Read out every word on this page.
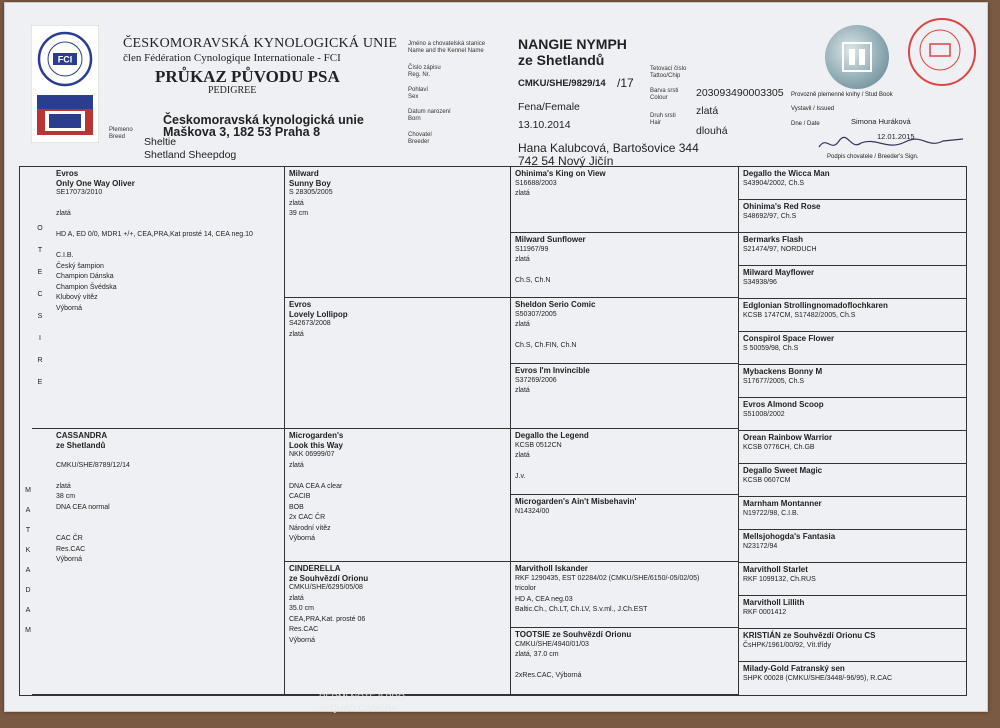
FCI
ČESKOMORAVSKÁ KYNOLOGICKÁ UNIE
člen Fédération Cynologique Internationale - FCI
PRŮKAZ PŮVODU PSA
PEDIGREE
Českomoravská kynologická unie
Maškova 3, 182 53 Praha 8
Plemeno
Breed	Sheltie
Shetland Sheepdog
Jméno a chovatelská stanice
Name and the Kennel Name
Číslo zápisu
Reg. Nr.
Pohlaví
Sex
Datum narození
Born
Chovatel
Breeder
NANGIE NYMPH
ze Shetlandů
CMKU/SHE/9829/14 /17
Fena/Female
13.10.2014
Hana Kalubcová, Bartošovice 344
742 54 Nový Jičín
Tetovací číslo
Tattoo/Chip
Barva srsti
Colour
Druh srsti
Hair
203093490003305
zlatá
dlouhá
Provozně plemenné knihy / Stud Book
Vystavil / Issued
Dne / Date	Simona Huráková
12.01.2015
Podpis chovatele / Breeder's Sign.
O
T
E
C
S
I
R
E
M
A
T
K
A
D
A
M
Evros
Only One Way Oliver
SE17073/2010

zlatá

HD A, ED 0/0, MDR1 +/+, CEA,PRA,Kat prosté 14, CEA neg.10

C.I.B.
Český šampion
Champion Dánska
Champion Švédska
Klubový vítěz
Výborná
CASSANDRA
ze Shetlandů

CMKU/SHE/8789/12/14

zlatá
38 cm
DNA CEA normal

CAC ČR
Res.CAC
Výborná
Milward
Sunny Boy
S 28305/2005
zlatá
39 cm
Evros
Lovely Lollipop
S42673/2008
zlatá
Microgarden's
Look this Way
NKK 06999/07
zlatá

DNA CEA A clear
CACIB
BOB
2x CAC ČR
Národní vítěz
Výborná
CINDERELLA
ze Souhvězdí Orionu
CMKU/SHE/6295/05/08
zlatá
35.0 cm
CEA,PRA,Kat. prosté 06
Res.CAC
Výborná
Ohinima's King on View
S16688/2003
zlatá
Milward Sunflower
S11967/99
zlatá

Ch.S, Ch.N
Sheldon Serio Comic
S50307/2005
zlatá

Ch.S, Ch.FIN, Ch.N
Evros I'm Invincible
S37269/2006
zlatá
Degallo the Legend
KCSB 0512CN
zlatá

J.v.
Microgarden's Ain't Misbehavin'
N14324/00
Marvitholl Iskander
RKF 1290435, EST 02284/02 (CMKU/SHE/6150/-05/02/05)
tricolor
HD A, CEA neg.03
Baltic.Ch., Ch.LT, Ch.LV, S.v.ml., J.Ch.EST
TOOTSIE ze Souhvězdí Orionu
CMKU/SHE/4940/01/03
zlatá, 37.0 cm

2xRes.CAC, Výborná
Degallo the Wicca Man
S43904/2002, Ch.S
Ohinima's Red Rose
S48692/97, Ch.S
Bermarks Flash
S21474/97, NORDUCH
Milward Mayflower
S34938/96
Edglonian Strollingnomadoflochkaren
KCSB 1747CM, S17482/2005, Ch.S
Conspirol Space Flower
S 50059/98, Ch.S
Mybackens Bonny M
S17677/2005, Ch.S
Evros Almond Scoop
S51008/2002
Orean Rainbow Warrior
KCSB 0776CH, Ch.GB
Degallo Sweet Magic
KCSB 0607CM
Marnham Montanner
N19722/98, C.I.B.
Mellsjohogda's Fantasia
N23172/94
Marvitholl Starlet
RKF 1099132, Ch.RUS
Marvitholl Lillith
RKF 0001412
KRISTIÁN ze Souhvězdí Orionu CS
ČsHPK/1961/00/92, Vít.třídy
Milady-Gold Fatranský sen
SHPK 00028 (CMKU/SHE/3448/-96/95), R.CAC
REDMI NOTE 8 PRO
AI QUAD CAMERA
